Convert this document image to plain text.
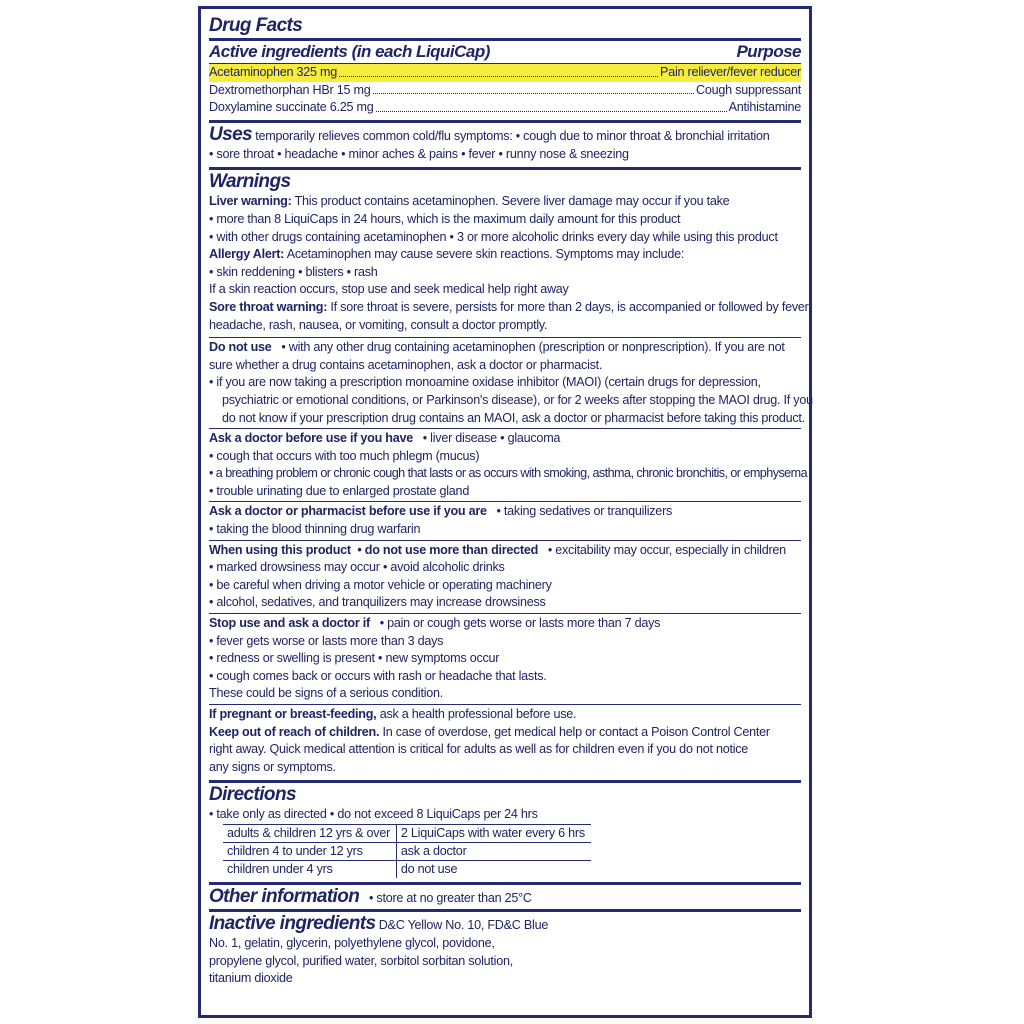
Drug Facts
Active ingredients (in each LiquiCap)	Purpose
Acetaminophen 325 mg	Pain reliever/fever reducer
Dextromethorphan HBr 15 mg	Cough suppressant
Doxylamine succinate 6.25 mg	Antihistamine
Uses temporarily relieves common cold/flu symptoms: • cough due to minor throat & bronchial irritation
• sore throat • headache • minor aches & pains • fever • runny nose & sneezing
Warnings
Liver warning: This product contains acetaminophen. Severe liver damage may occur if you take
• more than 8 LiquiCaps in 24 hours, which is the maximum daily amount for this product
• with other drugs containing acetaminophen • 3 or more alcoholic drinks every day while using this product
Allergy Alert: Acetaminophen may cause severe skin reactions. Symptoms may include:
• skin reddening • blisters • rash
If a skin reaction occurs, stop use and seek medical help right away
Sore throat warning: If sore throat is severe, persists for more than 2 days, is accompanied or followed by fever,
headache, rash, nausea, or vomiting, consult a doctor promptly.
Do not use • with any other drug containing acetaminophen (prescription or nonprescription). If you are not
sure whether a drug contains acetaminophen, ask a doctor or pharmacist.
• if you are now taking a prescription monoamine oxidase inhibitor (MAOI) (certain drugs for depression,
psychiatric or emotional conditions, or Parkinson's disease), or for 2 weeks after stopping the MAOI drug. If you
do not know if your prescription drug contains an MAOI, ask a doctor or pharmacist before taking this product.
Ask a doctor before use if you have • liver disease • glaucoma
• cough that occurs with too much phlegm (mucus)
• a breathing problem or chronic cough that lasts or as occurs with smoking, asthma, chronic bronchitis, or emphysema
• trouble urinating due to enlarged prostate gland
Ask a doctor or pharmacist before use if you are • taking sedatives or tranquilizers
• taking the blood thinning drug warfarin
When using this product • do not use more than directed • excitability may occur, especially in children
• marked drowsiness may occur • avoid alcoholic drinks
• be careful when driving a motor vehicle or operating machinery
• alcohol, sedatives, and tranquilizers may increase drowsiness
Stop use and ask a doctor if • pain or cough gets worse or lasts more than 7 days
• fever gets worse or lasts more than 3 days
• redness or swelling is present • new symptoms occur
• cough comes back or occurs with rash or headache that lasts.
These could be signs of a serious condition.
If pregnant or breast-feeding, ask a health professional before use.
Keep out of reach of children. In case of overdose, get medical help or contact a Poison Control Center
right away. Quick medical attention is critical for adults as well as for children even if you do not notice
any signs or symptoms.
Directions
• take only as directed • do not exceed 8 LiquiCaps per 24 hrs
adults & children 12 yrs & over	2 LiquiCaps with water every 6 hrs
children 4 to under 12 yrs	ask a doctor
children under 4 yrs	do not use
Other information • store at no greater than 25°C
Inactive ingredients D&C Yellow No. 10, FD&C Blue
No. 1, gelatin, glycerin, polyethylene glycol, povidone,
propylene glycol, purified water, sorbitol sorbitan solution,
titanium dioxide
